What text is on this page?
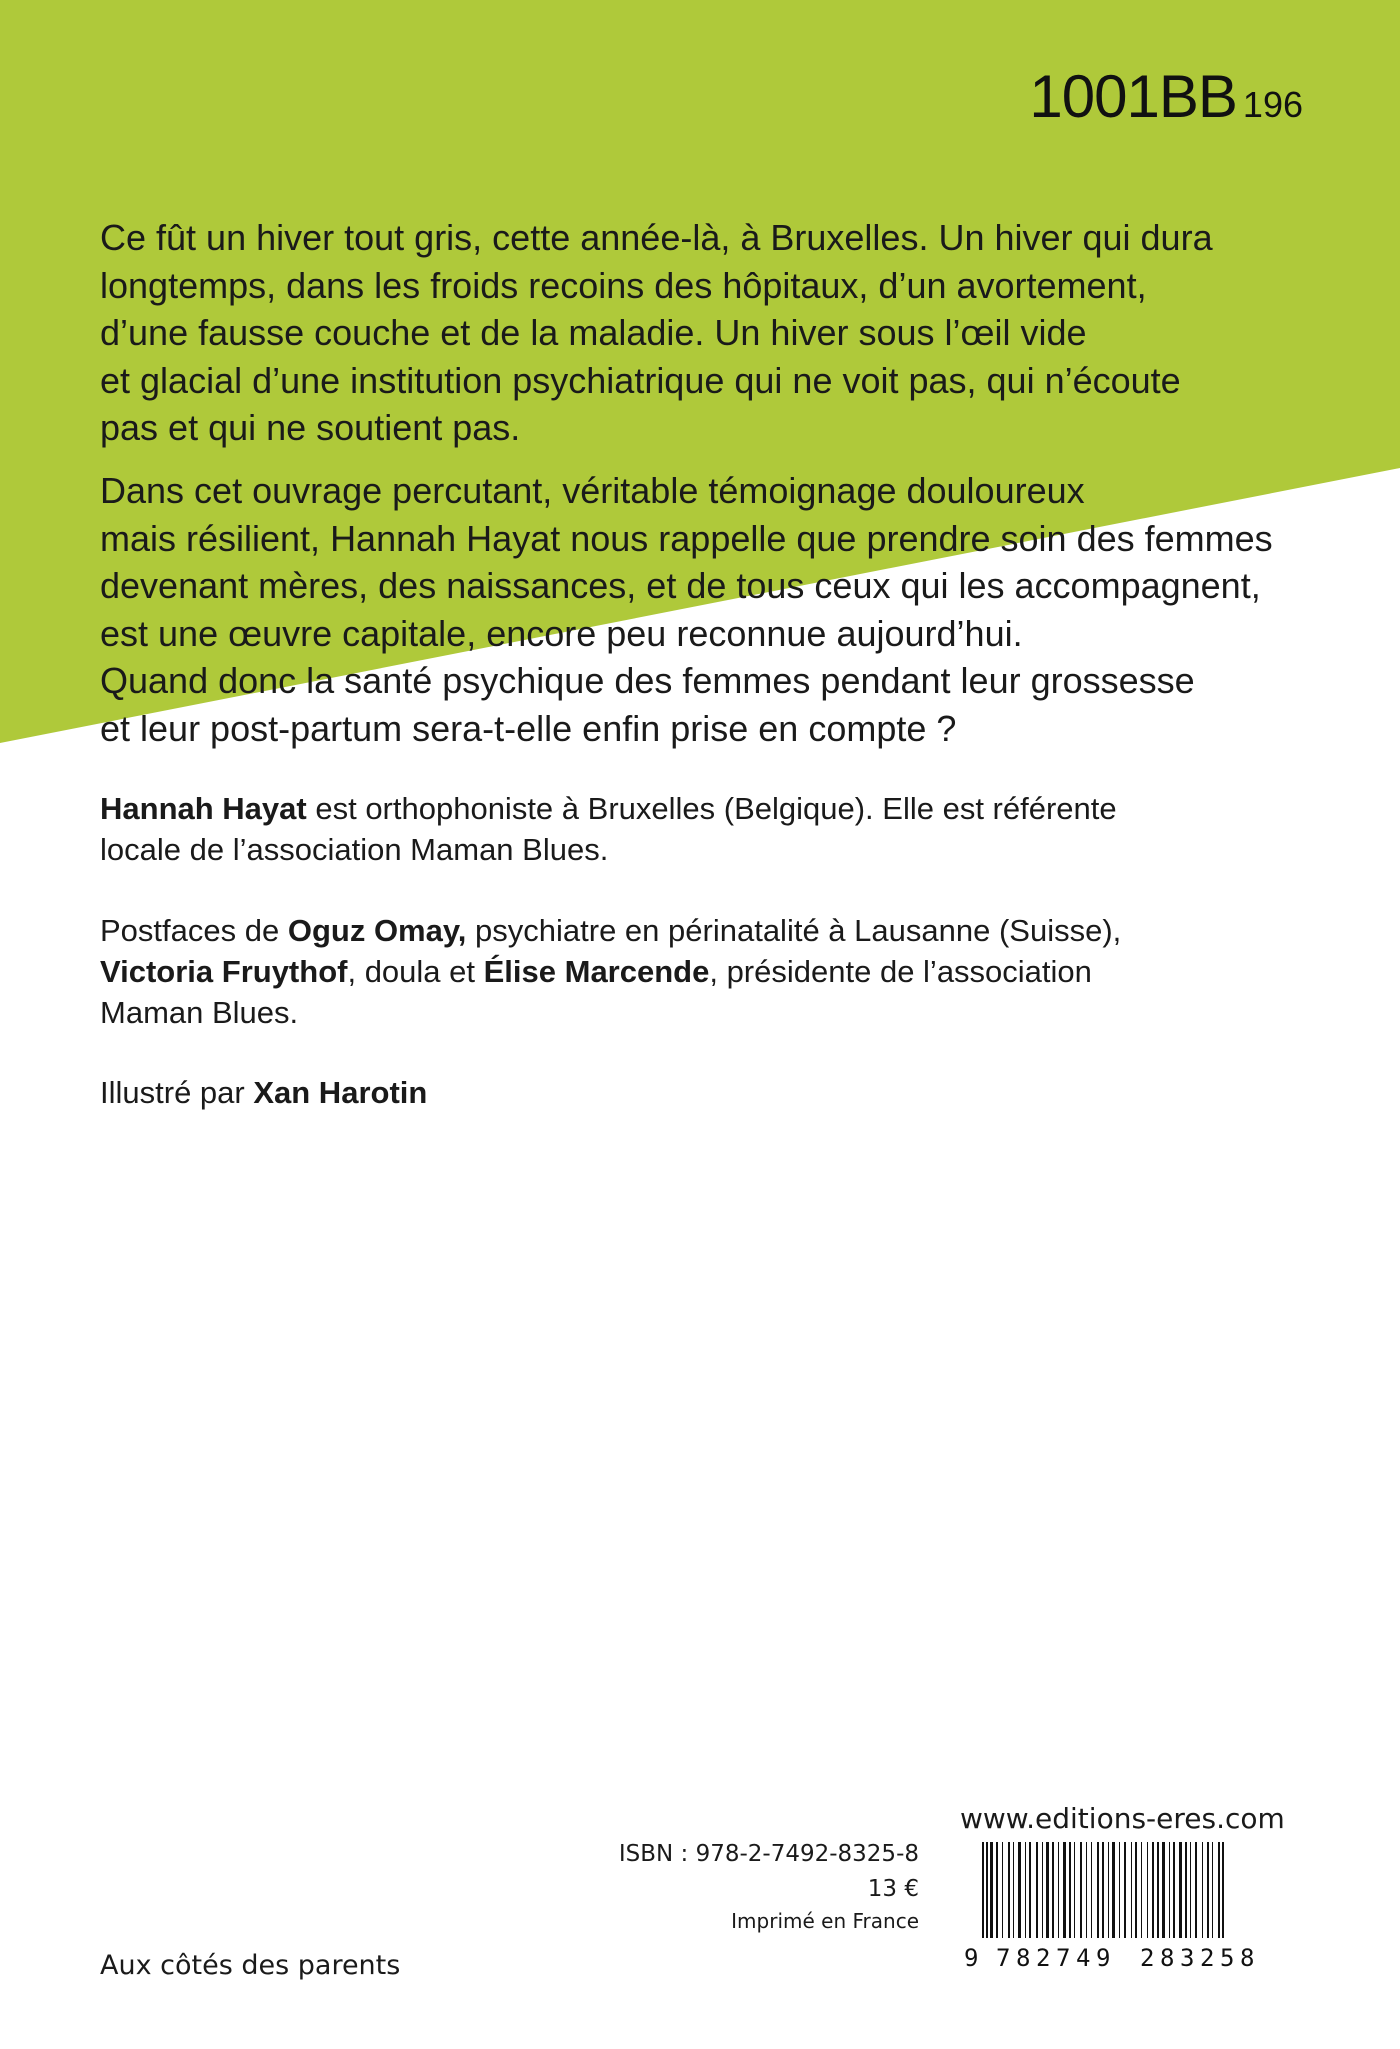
1001BB 196

Ce fût un hiver tout gris, cette année-là, à Bruxelles. Un hiver qui dura
longtemps, dans les froids recoins des hôpitaux, d’un avortement,
d’une fausse couche et de la maladie. Un hiver sous l’œil vide
et glacial d’une institution psychiatrique qui ne voit pas, qui n’écoute
pas et qui ne soutient pas.

Dans cet ouvrage percutant, véritable témoignage douloureux
mais résilient, Hannah Hayat nous rappelle que prendre soin des femmes
devenant mères, des naissances, et de tous ceux qui les accompagnent,
est une œuvre capitale, encore peu reconnue aujourd’hui.
Quand donc la santé psychique des femmes pendant leur grossesse
et leur post-partum sera-t-elle enfin prise en compte ?

Hannah Hayat est orthophoniste à Bruxelles (Belgique). Elle est référente
locale de l’association Maman Blues.

Postfaces de Oguz Omay, psychiatre en périnatalité à Lausanne (Suisse),
Victoria Fruythof, doula et Élise Marcende, présidente de l’association
Maman Blues.

Illustré par Xan Harotin

ISBN : 978-2-7492-8325-8

13 €

Imprimé en France

www.editions-eres.com

9 7 8 2 7 4 9 2 8 3 2 5 8

Aux côtés des parents
